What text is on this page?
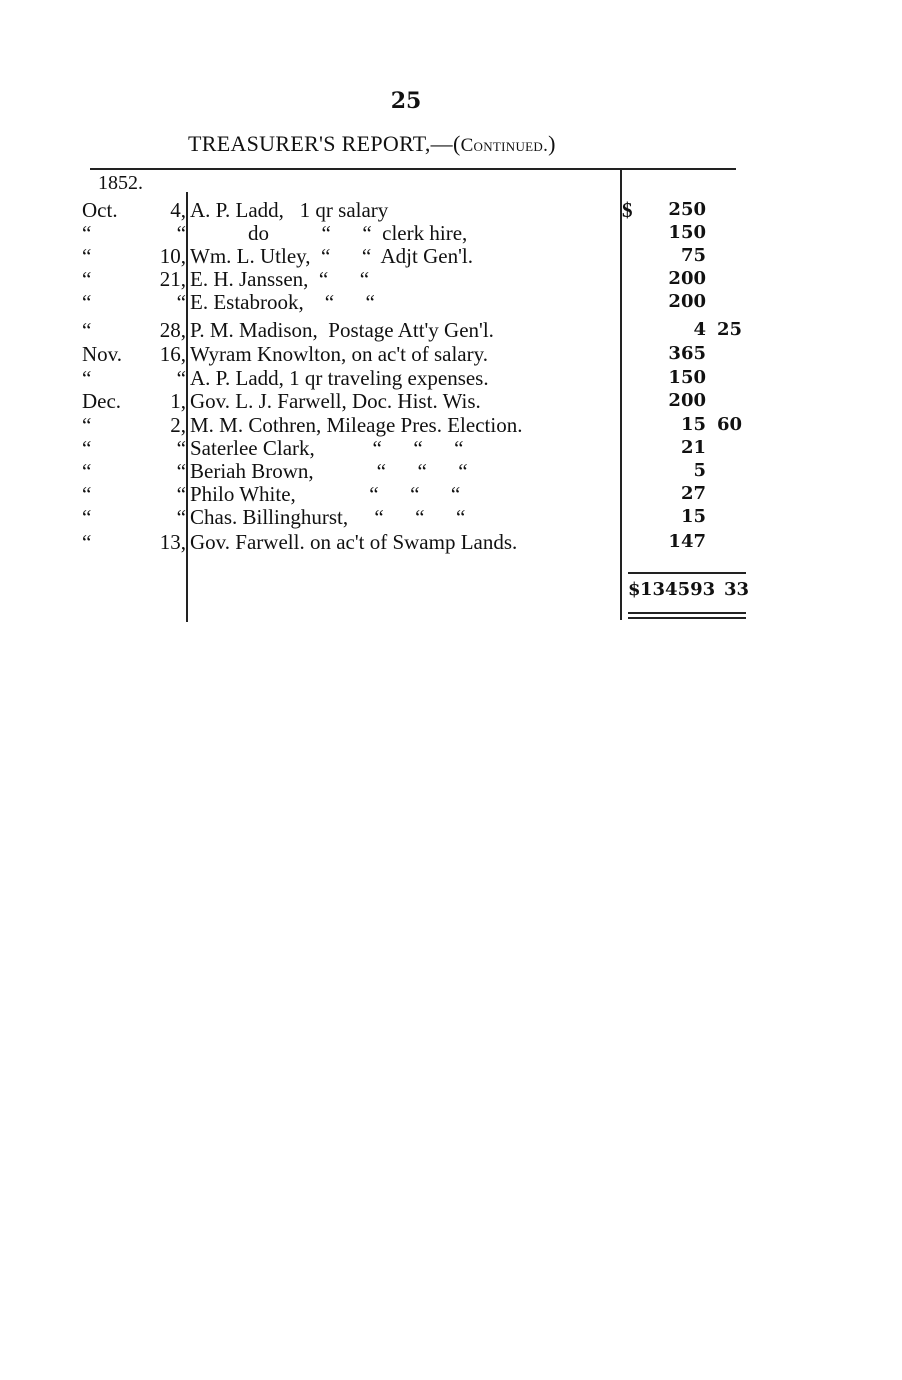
25
TREASURER'S REPORT,—(Continued.)
1852.
Oct.	4, A. P. Ladd,   1 qr salary	$	250
“	“	do          “      “  clerk hire,	150
“	10, Wm. L. Utley,  “      “  Adjt Gen'l.	75
“	21, E. H. Janssen,  “      “	200
“	“ E. Estabrook,    “      “	200
“	28, P. M. Madison,  Postage Att'y Gen'l.	4 25
Nov.	16, Wyram Knowlton, on ac't of salary.	365
“	“ A. P. Ladd, 1 qr traveling expenses.	150
Dec.	1, Gov. L. J. Farwell, Doc. Hist. Wis.	200
“	2, M. M. Cothren, Mileage Pres. Election.	15 60
“	“ Saterlee Clark,           “      “      “	21
“	“ Beriah Brown,            “      “      “	5
“	“ Philo White,              “      “      “	27
“	“ Chas. Billinghurst,     “      “      “	15
“	13, Gov. Farwell. on ac't of Swamp Lands.	147
$ 134593 33
